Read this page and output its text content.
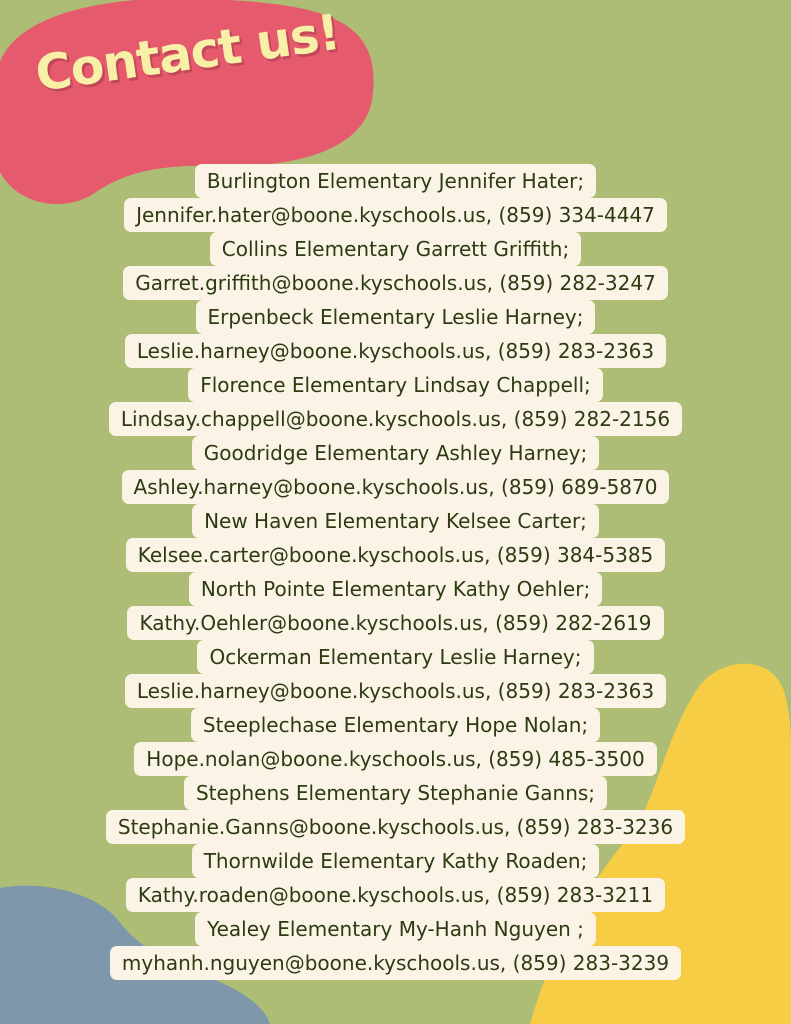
Contact us!
Burlington Elementary Jennifer Hater;
Jennifer.hater@boone.kyschools.us, (859) 334-4447
Collins Elementary Garrett Griffith;
Garret.griffith@boone.kyschools.us, (859) 282-3247
Erpenbeck Elementary Leslie Harney;
Leslie.harney@boone.kyschools.us, (859) 283-2363
Florence Elementary Lindsay Chappell;
Lindsay.chappell@boone.kyschools.us, (859) 282-2156
Goodridge Elementary Ashley Harney;
Ashley.harney@boone.kyschools.us, (859) 689-5870
New Haven Elementary Kelsee Carter;
Kelsee.carter@boone.kyschools.us, (859) 384-5385
North Pointe Elementary Kathy Oehler;
Kathy.Oehler@boone.kyschools.us, (859) 282-2619
Ockerman Elementary Leslie Harney;
Leslie.harney@boone.kyschools.us, (859) 283-2363
Steeplechase Elementary Hope Nolan;
Hope.nolan@boone.kyschools.us, (859) 485-3500
Stephens Elementary Stephanie Ganns;
Stephanie.Ganns@boone.kyschools.us, (859) 283-3236
Thornwilde Elementary Kathy Roaden;
Kathy.roaden@boone.kyschools.us, (859) 283-3211
Yealey Elementary My-Hanh Nguyen ;
myhanh.nguyen@boone.kyschools.us, (859) 283-3239
